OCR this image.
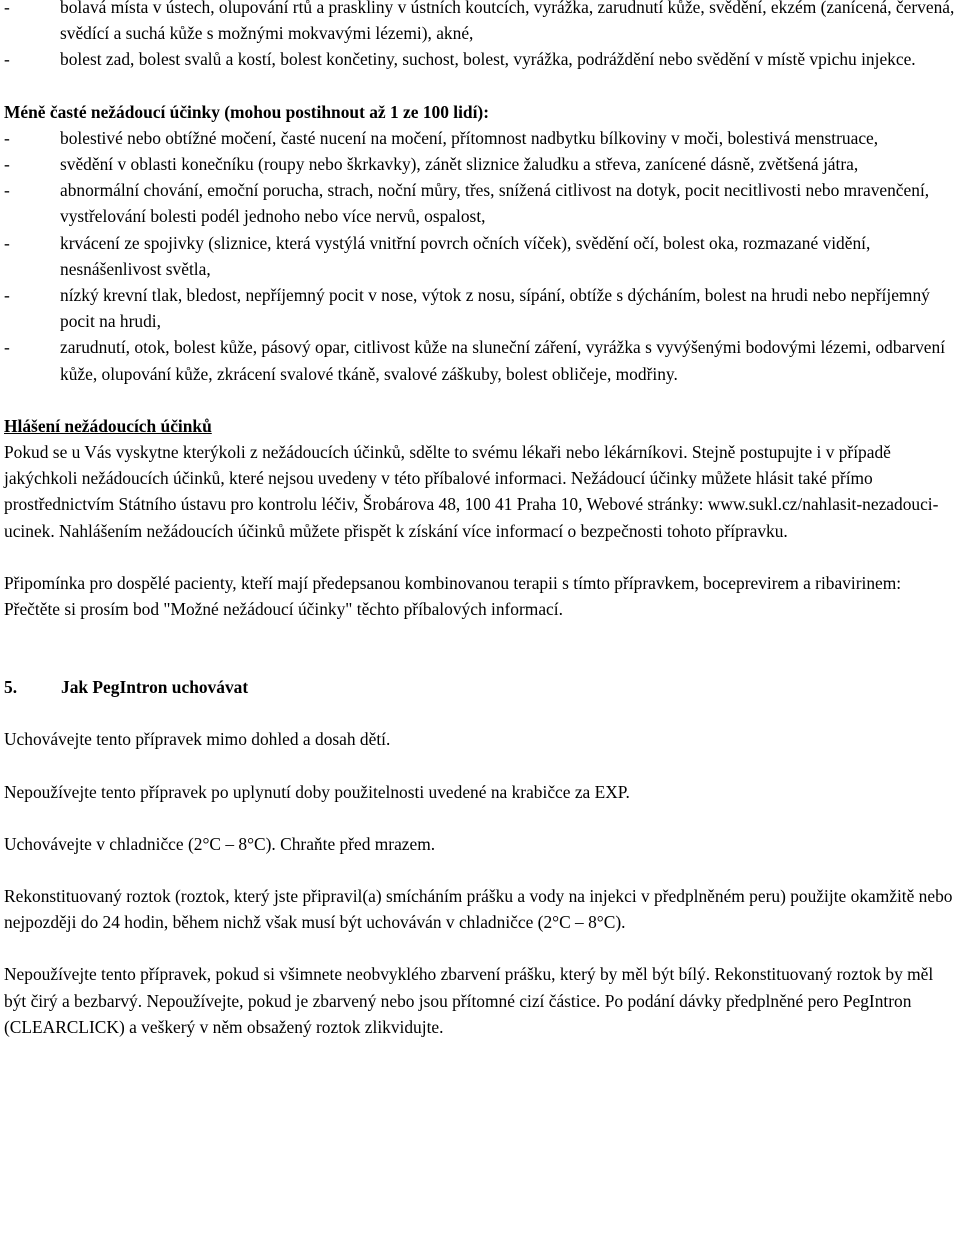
-	bolavá místa v ústech, olupování rtů a praskliny v ústních koutcích, vyrážka, zarudnutí kůže, svědění, ekzém (zanícená, červená, svědící a suchá kůže s možnými mokvavými lézemi), akné,
-	bolest zad, bolest svalů a kostí, bolest končetiny, suchost, bolest, vyrážka, podráždění nebo svědění v místě vpichu injekce.
Méně časté nežádoucí účinky (mohou postihnout až 1 ze 100 lidí):
-	bolestivé nebo obtížné močení, časté nucení na močení, přítomnost nadbytku bílkoviny v moči, bolestivá menstruace,
-	svědění v oblasti konečníku (roupy nebo škrkavky), zánět sliznice žaludku a střeva, zanícené dásně, zvětšená játra,
-	abnormální chování, emoční porucha, strach, noční můry, třes, snížená citlivost na dotyk, pocit necitlivosti nebo mravenčení, vystřelování bolesti podél jednoho nebo více nervů, ospalost,
-	krvácení ze spojivky (sliznice, která vystýlá vnitřní povrch očních víček), svědění očí, bolest oka, rozmazané vidění, nesnášenlivost světla,
-	nízký krevní tlak, bledost, nepříjemný pocit v nose, výtok z nosu, sípání, obtíže s dýcháním, bolest na hrudi nebo nepříjemný pocit na hrudi,
-	zarudnutí, otok, bolest kůže, pásový opar, citlivost kůže na sluneční záření, vyrážka s vyvýšenými bodovými lézemi, odbarvení kůže, olupování kůže, zkrácení svalové tkáně, svalové záškuby, bolest obličeje, modřiny.
Hlášení nežádoucích účinků
Pokud se u Vás vyskytne kterýkoli z nežádoucích účinků, sdělte to svému lékaři nebo lékárníkovi. Stejně postupujte i v případě jakýchkoli nežádoucích účinků, které nejsou uvedeny v této příbalové informaci. Nežádoucí účinky můžete hlásit také přímo prostřednictvím Státního ústavu pro kontrolu léčiv, Šrobárova 48, 100 41 Praha 10, Webové stránky: www.sukl.cz/nahlasit-nezadouci-ucinek. Nahlášením nežádoucích účinků můžete přispět k získání více informací o bezpečnosti tohoto přípravku.
Připomínka pro dospělé pacienty, kteří mají předepsanou kombinovanou terapii s tímto přípravkem, boceprevirem a ribavirinem: Přečtěte si prosím bod "Možné nežádoucí účinky" těchto příbalových informací.
5.	Jak PegIntron uchovávat
Uchovávejte tento přípravek mimo dohled a dosah dětí.
Nepoužívejte tento přípravek po uplynutí doby použitelnosti uvedené na krabičce za EXP.
Uchovávejte v chladničce (2°C – 8°C). Chraňte před mrazem.
Rekonstituovaný roztok (roztok, který jste připravil(a) smícháním prášku a vody na injekci v předplněném peru) použijte okamžitě nebo nejpozději do 24 hodin, během nichž však musí být uchováván v chladničce (2°C – 8°C).
Nepoužívejte tento přípravek, pokud si všimnete neobvyklého zbarvení prášku, který by měl být bílý. Rekonstituovaný roztok by měl být čirý a bezbarvý. Nepoužívejte, pokud je zbarvený nebo jsou přítomné cizí částice. Po podání dávky předplněné pero PegIntron (CLEARCLICK) a veškerý v něm obsažený roztok zlikvidujte.
